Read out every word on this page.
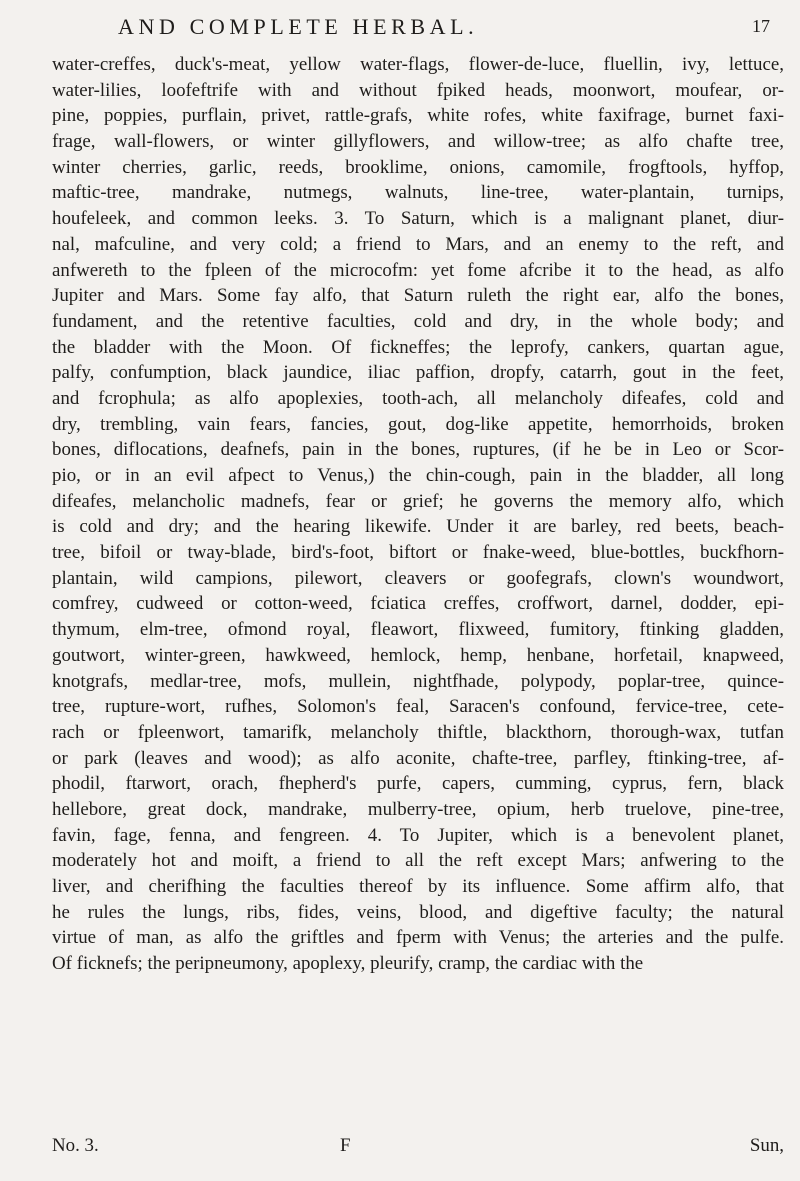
AND COMPLETE HERBAL.	17
water-creffes, duck's-meat, yellow water-flags, flower-de-luce, fluellin, ivy, lettuce,
water-lilies, loofeftrife with and without fpiked heads, moonwort, moufear, or-
pine, poppies, purflain, privet, rattle-grafs, white rofes, white faxifrage, burnet faxi-
frage, wall-flowers, or winter gillyflowers, and willow-tree; as alfo chafte tree,
winter cherries, garlic, reeds, brooklime, onions, camomile, frogftools, hyffop,
maftic-tree, mandrake, nutmegs, walnuts, line-tree, water-plantain, turnips,
houfeleek, and common leeks. 3. To Saturn, which is a malignant planet, diur-
nal, mafculine, and very cold; a friend to Mars, and an enemy to the reft, and
anfwereth to the fpleen of the microcofm: yet fome afcribe it to the head, as alfo
Jupiter and Mars. Some fay alfo, that Saturn ruleth the right ear, alfo the bones,
fundament, and the retentive faculties, cold and dry, in the whole body; and
the bladder with the Moon. Of fickneffes; the leprofy, cankers, quartan ague,
palfy, confumption, black jaundice, iliac paffion, dropfy, catarrh, gout in the feet,
and fcrophula; as alfo apoplexies, tooth-ach, all melancholy difeafes, cold and
dry, trembling, vain fears, fancies, gout, dog-like appetite, hemorrhoids, broken
bones, diflocations, deafnefs, pain in the bones, ruptures, (if he be in Leo or Scor-
pio, or in an evil afpect to Venus,) the chin-cough, pain in the bladder, all long
difeafes, melancholic madnefs, fear or grief; he governs the memory alfo, which
is cold and dry; and the hearing likewife. Under it are barley, red beets, beach-
tree, bifoil or tway-blade, bird's-foot, biftort or fnake-weed, blue-bottles, buckfhorn-
plantain, wild campions, pilewort, cleavers or goofegrafs, clown's woundwort,
comfrey, cudweed or cotton-weed, fciatica creffes, croffwort, darnel, dodder, epi-
thymum, elm-tree, ofmond royal, fleawort, flixweed, fumitory, ftinking gladden,
goutwort, winter-green, hawkweed, hemlock, hemp, henbane, horfetail, knapweed,
knotgrafs, medlar-tree, mofs, mullein, nightfhade, polypody, poplar-tree, quince-
tree, rupture-wort, rufhes, Solomon's feal, Saracen's confound, fervice-tree, cete-
rach or fpleenwort, tamarifk, melancholy thiftle, blackthorn, thorough-wax, tutfan
or park (leaves and wood); as alfo aconite, chafte-tree, parfley, ftinking-tree, af-
phodil, ftarwort, orach, fhepherd's purfe, capers, cumming, cyprus, fern, black
hellebore, great dock, mandrake, mulberry-tree, opium, herb truelove, pine-tree,
favin, fage, fenna, and fengreen. 4. To Jupiter, which is a benevolent planet,
moderately hot and moift, a friend to all the reft except Mars; anfwering to the
liver, and cherifhing the faculties thereof by its influence. Some affirm alfo, that
he rules the lungs, ribs, fides, veins, blood, and digeftive faculty; the natural
virtue of man, as alfo the griftles and fperm with Venus; the arteries and the pulfe.
Of ficknefs; the peripneumony, apoplexy, pleurify, cramp, the cardiac with the
No. 3.	F	Sun,
